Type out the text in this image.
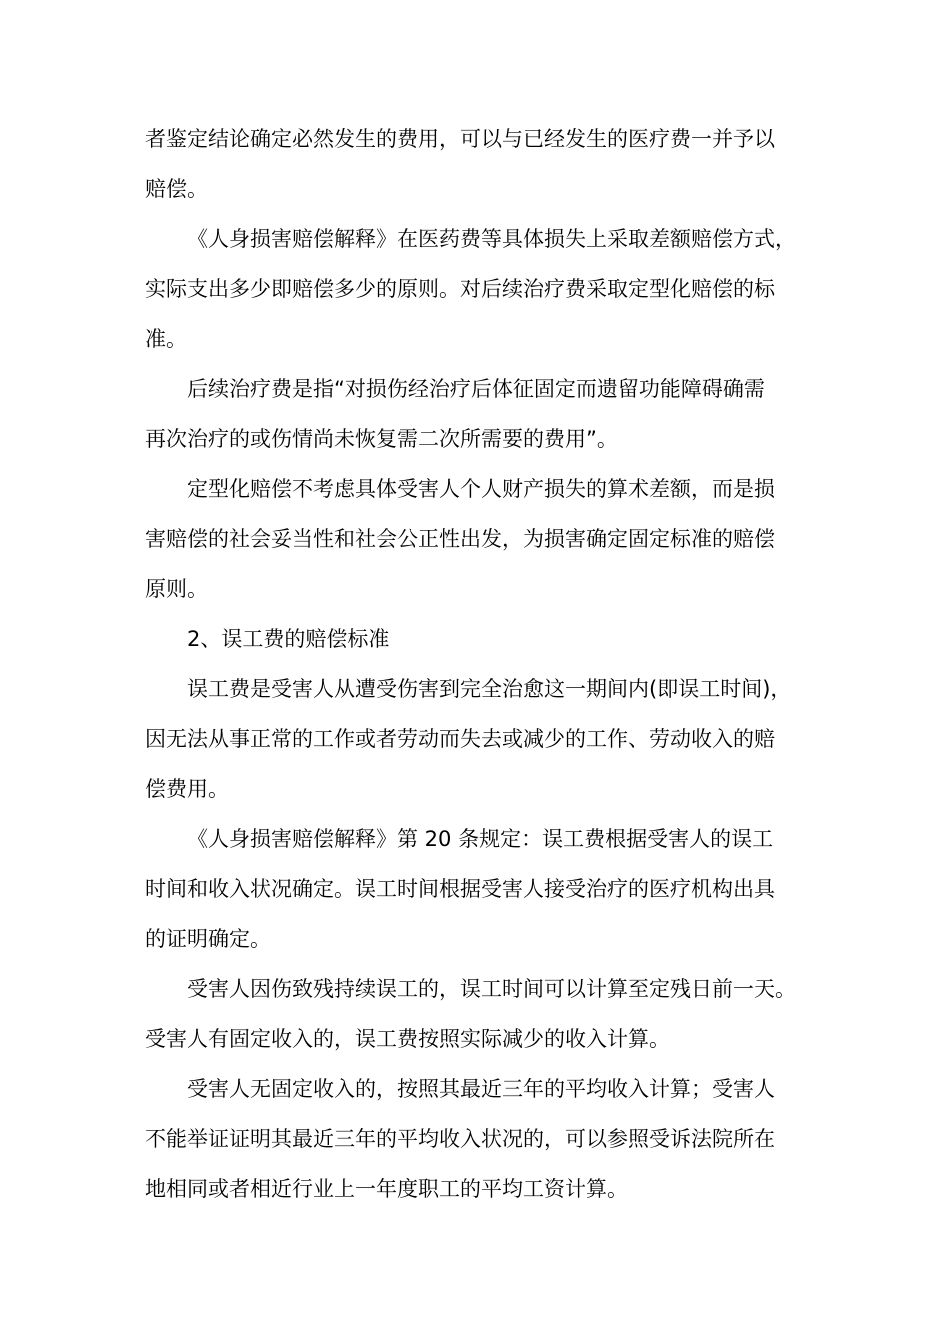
者鉴定结论确定必然发生的费用，可以与已经发生的医疗费一并予以
赔偿。
《人身损害赔偿解释》在医药费等具体损失上采取差额赔偿方式，
实际支出多少即赔偿多少的原则。对后续治疗费采取定型化赔偿的标
准。
后续治疗费是指“对损伤经治疗后体征固定而遗留功能障碍确需
再次治疗的或伤情尚未恢复需二次所需要的费用”。
定型化赔偿不考虑具体受害人个人财产损失的算术差额，而是损
害赔偿的社会妥当性和社会公正性出发，为损害确定固定标准的赔偿
原则。
2、误工费的赔偿标准
误工费是受害人从遭受伤害到完全治愈这一期间内(即误工时间)，
因无法从事正常的工作或者劳动而失去或减少的工作、劳动收入的赔
偿费用。
《人身损害赔偿解释》第 20 条规定：误工费根据受害人的误工
时间和收入状况确定。误工时间根据受害人接受治疗的医疗机构出具
的证明确定。
受害人因伤致残持续误工的，误工时间可以计算至定残日前一天。
受害人有固定收入的，误工费按照实际减少的收入计算。
受害人无固定收入的，按照其最近三年的平均收入计算；受害人
不能举证证明其最近三年的平均收入状况的，可以参照受诉法院所在
地相同或者相近行业上一年度职工的平均工资计算。
